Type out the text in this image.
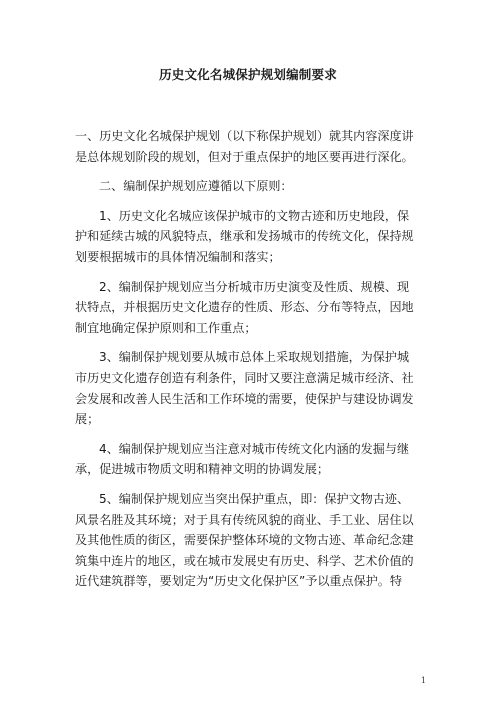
历史文化名城保护规划编制要求

一、历史文化名城保护规划（以下称保护规划）就其内容深度讲
是总体规划阶段的规划，但对于重点保护的地区要再进行深化。

二、编制保护规划应遵循以下原则：

1、历史文化名城应该保护城市的文物古迹和历史地段，保
护和延续古城的风貌特点，继承和发扬城市的传统文化，保持规
划要根据城市的具体情况编制和落实；

2、编制保护规划应当分析城市历史演变及性质、规模、现
状特点，并根据历史文化遗存的性质、形态、分布等特点，因地
制宜地确定保护原则和工作重点；

3、编制保护规划要从城市总体上采取规划措施，为保护城
市历史文化遗存创造有利条件，同时又要注意满足城市经济、社
会发展和改善人民生活和工作环境的需要，使保护与建设协调发
展；

4、编制保护规划应当注意对城市传统文化内涵的发掘与继
承，促进城市物质文明和精神文明的协调发展；

5、编制保护规划应当突出保护重点，即：保护文物古迹、
风景名胜及其环境；对于具有传统风貌的商业、手工业、居住以
及其他性质的街区，需要保护整体环境的文物古迹、革命纪念建
筑集中连片的地区，或在城市发展史有历史、科学、艺术价值的
近代建筑群等，要划定为“历史文化保护区”予以重点保护。特

1
